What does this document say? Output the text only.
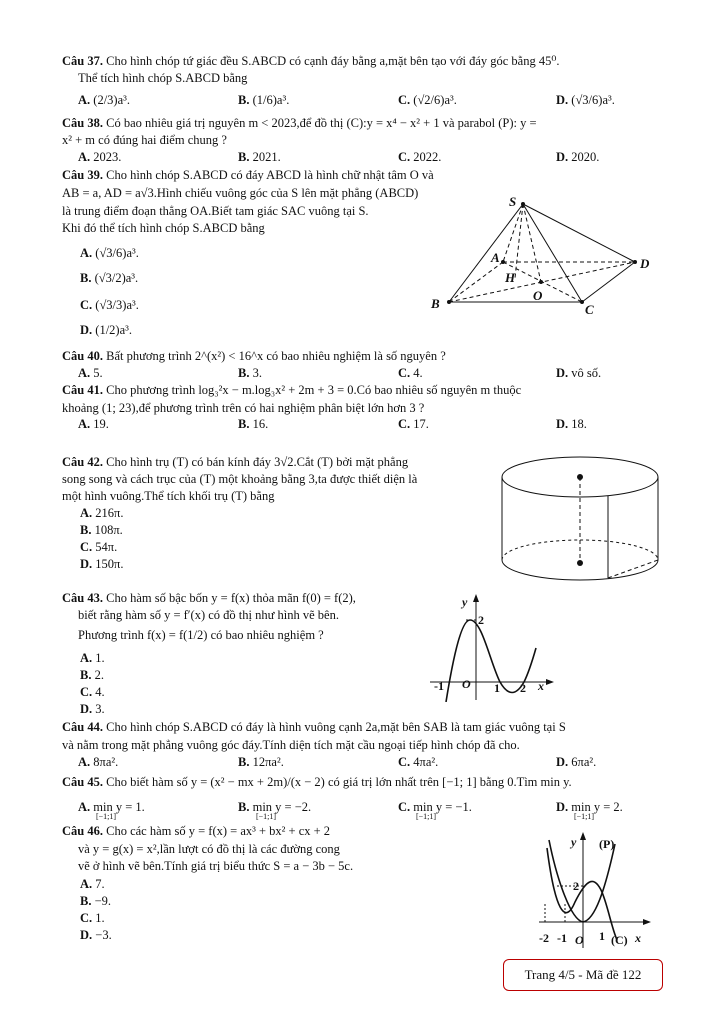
Câu 37. Cho hình chóp tứ giác đều S.ABCD có cạnh đáy bằng a,mặt bên tạo với đáy góc bằng 45⁰.
Thể tích hình chóp S.ABCD bằng
A. (2/3)a³.	B. (1/6)a³.	C. (√2/6)a³.	D. (√3/6)a³.
Câu 38. Có bao nhiêu giá trị nguyên m < 2023,để đồ thị (C):y = x⁴ − x² + 1 và parabol (P): y =
x² + m có đúng hai điểm chung ?
A. 2023.	B. 2021.	C. 2022.	D. 2020.
Câu 39. Cho hình chóp S.ABCD có đáy ABCD là hình chữ nhật tâm O và
AB = a, AD = a√3.Hình chiếu vuông góc của S lên mặt phẳng (ABCD)
là trung điểm đoạn thẳng OA.Biết tam giác SAC vuông tại S.
Khi đó thể tích hình chóp S.ABCD bằng
A. (√3/6)a³.
B. (√3/2)a³.
C. (√3/3)a³.
D. (1/2)a³.
S
A
B	C
D
H
O
Câu 40. Bất phương trình 2^(x²) < 16^x có bao nhiêu nghiệm là số nguyên ?
A. 5.	B. 3.	C. 4.	D. vô số.
Câu 41. Cho phương trình log₃²x − m.log₃x² + 2m + 3 = 0.Có bao nhiêu số nguyên m thuộc
khoảng (1; 23),để phương trình trên có hai nghiệm phân biệt lớn hơn 3 ?
A. 19.	B. 16.	C. 17.	D. 18.
Câu 42. Cho hình trụ (T) có bán kính đáy 3√2.Cắt (T) bởi mặt phẳng
song song và cách trục của (T) một khoảng bằng 3,ta được thiết diện là
một hình vuông.Thể tích khối trụ (T) bằng
A. 216π.
B. 108π.
C. 54π.
D. 150π.
Câu 43. Cho hàm số bậc bốn y = f(x) thỏa mãn f(0) = f(2),
biết rằng hàm số y = f′(x) có đồ thị như hình vẽ bên.
Phương trình f(x) = f(1/2) có bao nhiêu nghiệm ?
A. 1.
B. 2.
C. 4.
D. 3.
y
2
-1 O 1 2 x
Câu 44. Cho hình chóp S.ABCD có đáy là hình vuông cạnh 2a,mặt bên SAB là tam giác vuông tại S
và nằm trong mặt phẳng vuông góc đáy.Tính diện tích mặt cầu ngoại tiếp hình chóp đã cho.
A. 8πa².	B. 12πa².	C. 4πa².	D. 6πa².
Câu 45. Cho biết hàm số y = (x² − mx + 2m)/(x − 2) có giá trị lớn nhất trên [−1; 1] bằng 0.Tìm min y.
A. min y = 1.	B. min y = −2.	C. min y = −1.	D. min y = 2.
[−1;1]	[−1;1]	[−1;1]	[−1;1]
Câu 46. Cho các hàm số y = f(x) = ax³ + bx² + cx + 2
và y = g(x) = x²,lần lượt có đồ thị là các đường cong
vẽ ở hình vẽ bên.Tính giá trị biểu thức S = a − 3b − 5c.
A. 7.
B. −9.
C. 1.
D. −3.
y (P)
2
-2 -1 O 1 (C) x
Trang 4/5 - Mã đề 122
